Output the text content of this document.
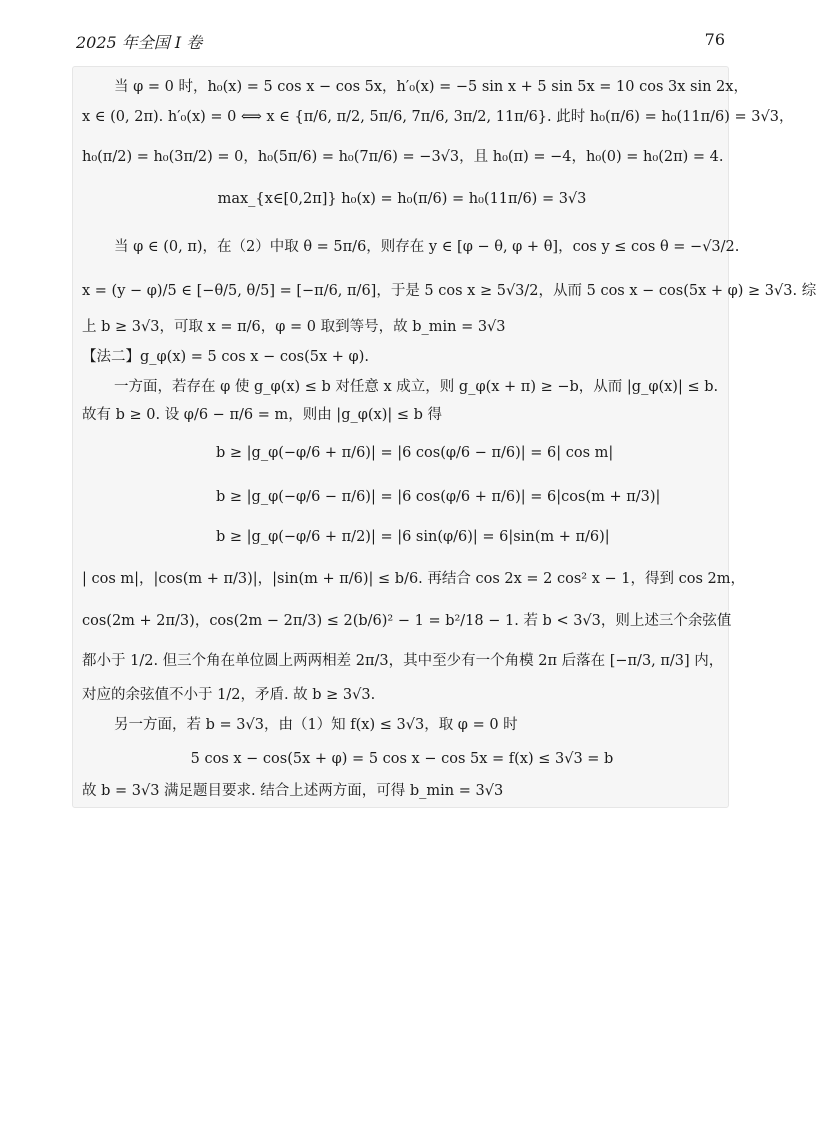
2025 年全国 I 卷	76
当 φ = 0 时，h₀(x) = 5 cos x − cos 5x，h′₀(x) = −5 sin x + 5 sin 5x = 10 cos 3x sin 2x，
x ∈ (0, 2π). h′₀(x) = 0 ⟺ x ∈ {π/6, π/2, 5π/6, 7π/6, 3π/2, 11π/6}. 此时 h₀(π/6) = h₀(11π/6) = 3√3，
h₀(π/2) = h₀(3π/2) = 0，h₀(5π/6) = h₀(7π/6) = −3√3，且 h₀(π) = −4，h₀(0) = h₀(2π) = 4.
max_{x∈[0,2π]} h₀(x) = h₀(π/6) = h₀(11π/6) = 3√3
当 φ ∈ (0, π)，在（2）中取 θ = 5π/6，则存在 y ∈ [φ − θ, φ + θ]，cos y ≤ cos θ = −√3/2.
x = (y − φ)/5 ∈ [−θ/5, θ/5] = [−π/6, π/6]，于是 5 cos x ≥ 5√3/2，从而 5 cos x − cos(5x + φ) ≥ 3√3. 综
上 b ≥ 3√3，可取 x = π/6，φ = 0 取到等号，故 b_min = 3√3
【法二】g_φ(x) = 5 cos x − cos(5x + φ).
一方面，若存在 φ 使 g_φ(x) ≤ b 对任意 x 成立，则 g_φ(x + π) ≥ −b，从而 |g_φ(x)| ≤ b.
故有 b ≥ 0. 设 φ/6 − π/6 = m，则由 |g_φ(x)| ≤ b 得
b ≥ |g_φ(−φ/6 + π/6)| = |6 cos(φ/6 − π/6)| = 6| cos m|
b ≥ |g_φ(−φ/6 − π/6)| = |6 cos(φ/6 + π/6)| = 6|cos(m + π/3)|
b ≥ |g_φ(−φ/6 + π/2)| = |6 sin(φ/6)| = 6|sin(m + π/6)|
| cos m|，|cos(m + π/3)|，|sin(m + π/6)| ≤ b/6. 再结合 cos 2x = 2 cos² x − 1，得到 cos 2m，
cos(2m + 2π/3)，cos(2m − 2π/3) ≤ 2(b/6)² − 1 = b²/18 − 1. 若 b < 3√3，则上述三个余弦值
都小于 1/2. 但三个角在单位圆上两两相差 2π/3，其中至少有一个角模 2π 后落在 [−π/3, π/3] 内，
对应的余弦值不小于 1/2，矛盾. 故 b ≥ 3√3.
另一方面，若 b = 3√3，由（1）知 f(x) ≤ 3√3，取 φ = 0 时
5 cos x − cos(5x + φ) = 5 cos x − cos 5x = f(x) ≤ 3√3 = b
故 b = 3√3 满足题目要求. 结合上述两方面，可得 b_min = 3√3
